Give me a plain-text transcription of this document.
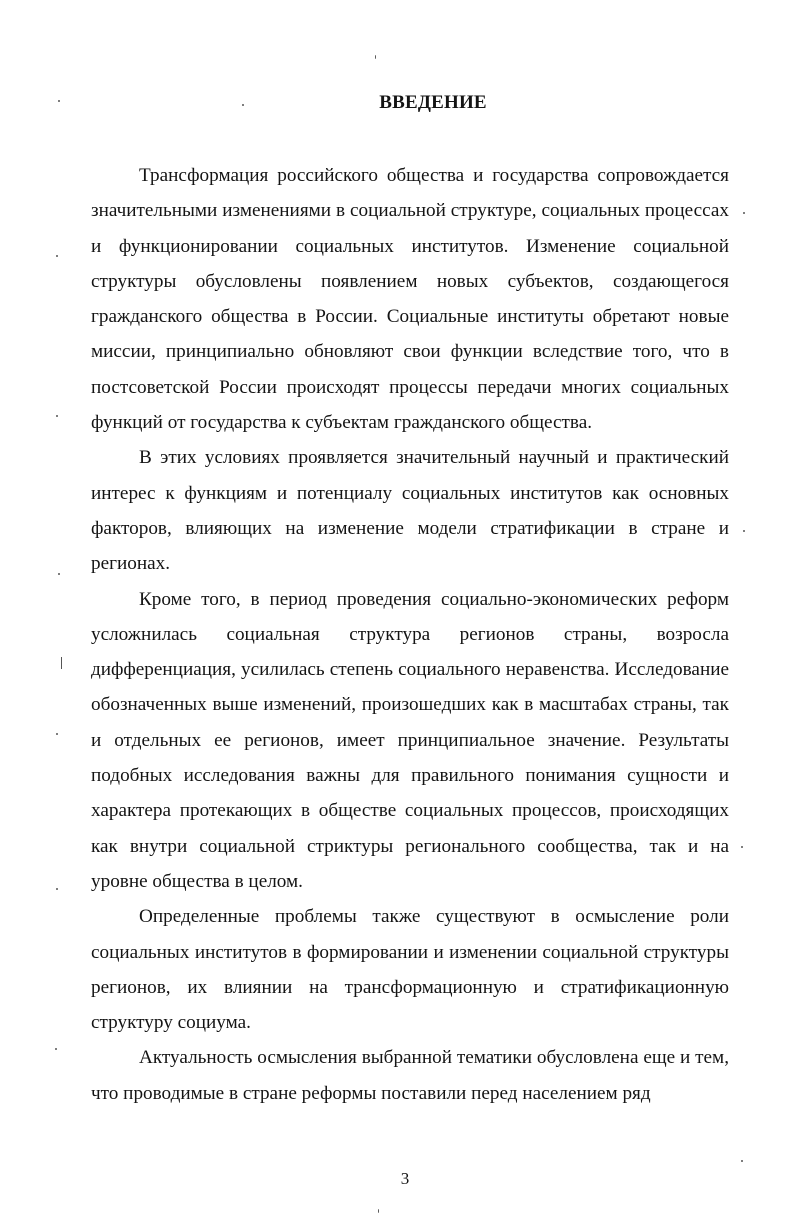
ВВЕДЕНИЕ

Трансформация российского общества и государства сопровождается значительными изменениями в социальной структуре, социальных процессах и функционировании социальных институтов. Изменение социальной структуры обусловлены появлением новых субъектов, создающегося гражданского общества в России. Социальные институты обретают новые миссии, принципиально обновляют свои функции вследствие того, что в постсоветской России происходят процессы передачи многих социальных функций от государства к субъектам гражданского общества.

В этих условиях проявляется значительный научный и практический интерес к функциям и потенциалу социальных институтов как основных факторов, влияющих на изменение модели стратификации в стране и регионах.

Кроме того, в период проведения социально-экономических реформ усложнилась социальная структура регионов страны, возросла дифференциация, усилилась степень социального неравенства. Исследование обозначенных выше изменений, произошедших как в масштабах страны, так и отдельных ее регионов, имеет принципиальное значение. Результаты подобных исследования важны для правильного понимания сущности и характера протекающих в обществе социальных процессов, происходящих как внутри социальной стриктуры регионального сообщества, так и на уровне общества в целом.

Определенные проблемы также существуют в осмысление роли социальных институтов в формировании и изменении социальной структуры регионов, их влиянии на трансформационную и стратификационную структуру социума.

Актуальность осмысления выбранной тематики обусловлена еще и тем, что проводимые в стране реформы поставили перед населением ряд

3
